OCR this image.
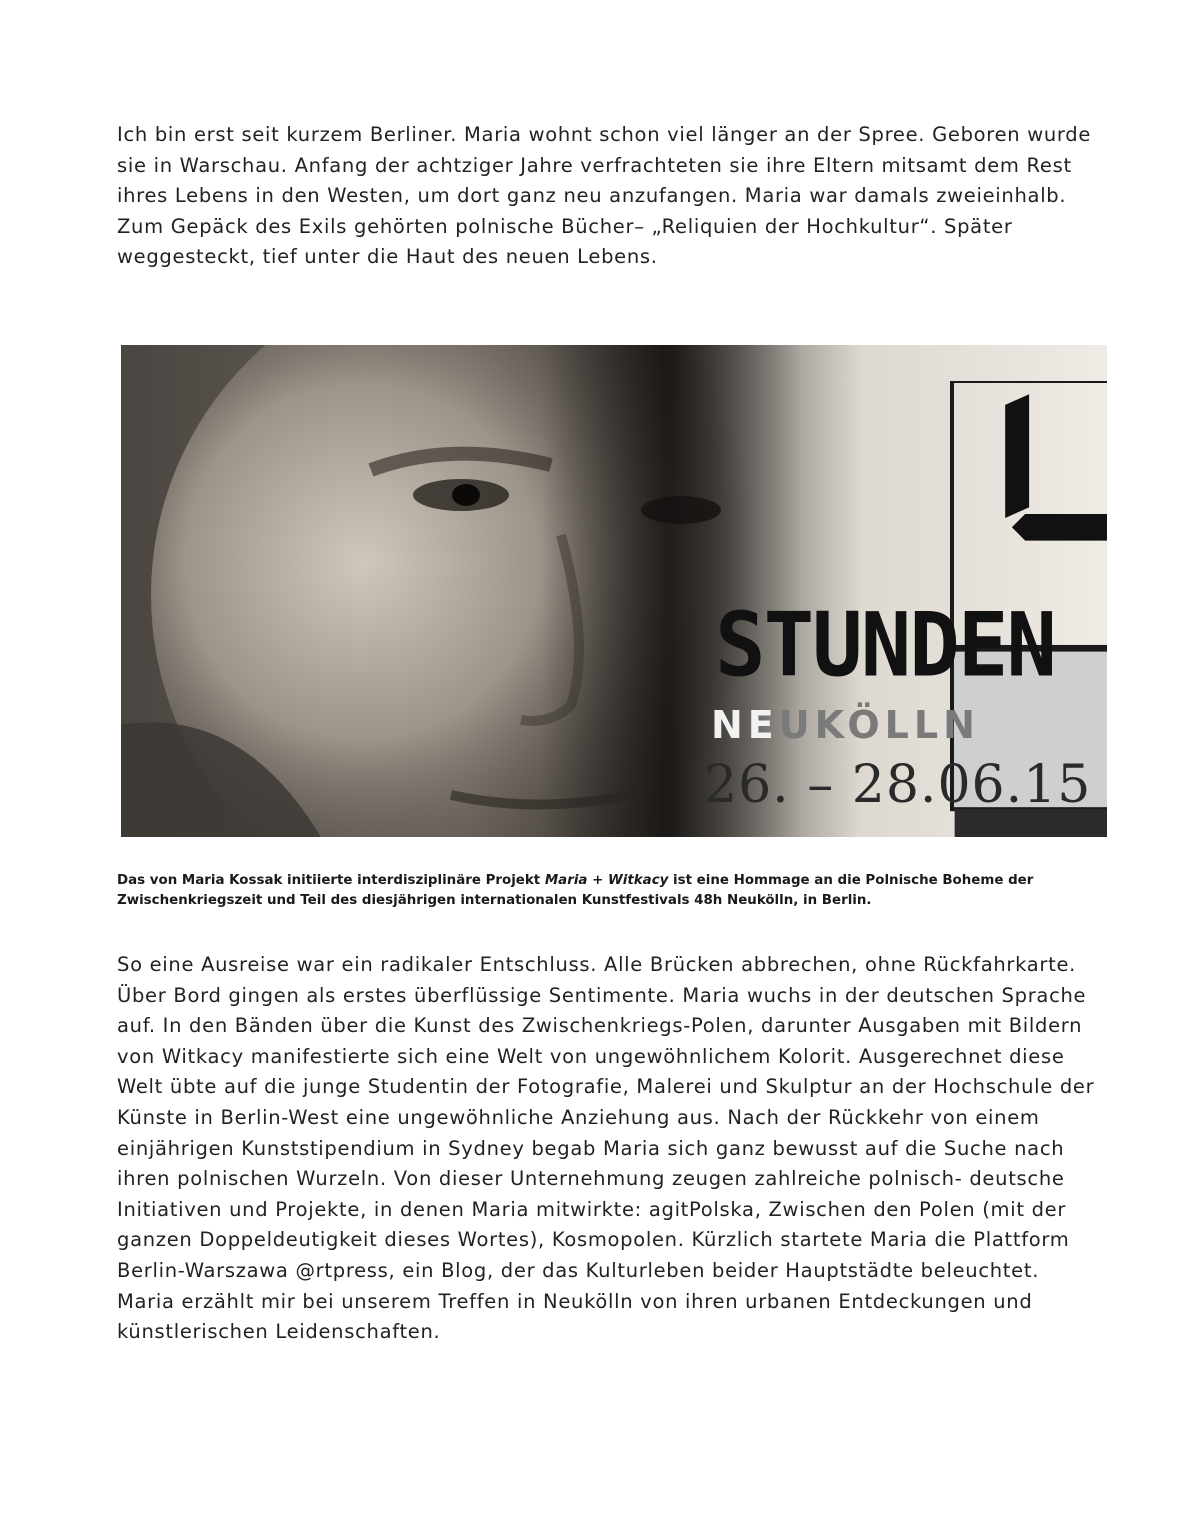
Ich bin erst seit kurzem Berliner. Maria wohnt schon viel länger an der Spree. Geboren wurde sie in Warschau. Anfang der achtziger Jahre verfrachteten sie ihre Eltern mitsamt dem Rest ihres Lebens in den Westen, um dort ganz neu anzufangen. Maria war damals zweieinhalb. Zum Gepäck des Exils gehörten polnische Bücher– „Reliquien der Hochkultur“. Später weggesteckt, tief unter die Haut des neuen Lebens.

STUNDEN
NEUKÖLLN
26. – 28.06.15

Das von Maria Kossak initiierte interdisziplinäre Projekt Maria + Witkacy ist eine Hommage an die Polnische Boheme der Zwischenkriegszeit und Teil des diesjährigen internationalen Kunstfestivals 48h Neukölln, in Berlin.

So eine Ausreise war ein radikaler Entschluss. Alle Brücken abbrechen, ohne Rückfahrkarte. Über Bord gingen als erstes überflüssige Sentimente. Maria wuchs in der deutschen Sprache auf. In den Bänden über die Kunst des Zwischenkriegs-Polen, darunter Ausgaben mit Bildern von Witkacy manifestierte sich eine Welt von ungewöhnlichem Kolorit. Ausgerechnet diese Welt übte auf die junge Studentin der Fotografie, Malerei und Skulptur an der Hochschule der Künste in Berlin-West eine ungewöhnliche Anziehung aus. Nach der Rückkehr von einem einjährigen Kunststipendium in Sydney begab Maria sich ganz bewusst auf die Suche nach ihren polnischen Wurzeln. Von dieser Unternehmung zeugen zahlreiche polnisch- deutsche Initiativen und Projekte, in denen Maria mitwirkte: agitPolska, Zwischen den Polen (mit der ganzen Doppeldeutigkeit dieses Wortes), Kosmopolen. Kürzlich startete Maria die Plattform Berlin-Warszawa @rtpress, ein Blog, der das Kulturleben beider Hauptstädte beleuchtet. Maria erzählt mir bei unserem Treffen in Neukölln von ihren urbanen Entdeckungen und künstlerischen Leidenschaften.
